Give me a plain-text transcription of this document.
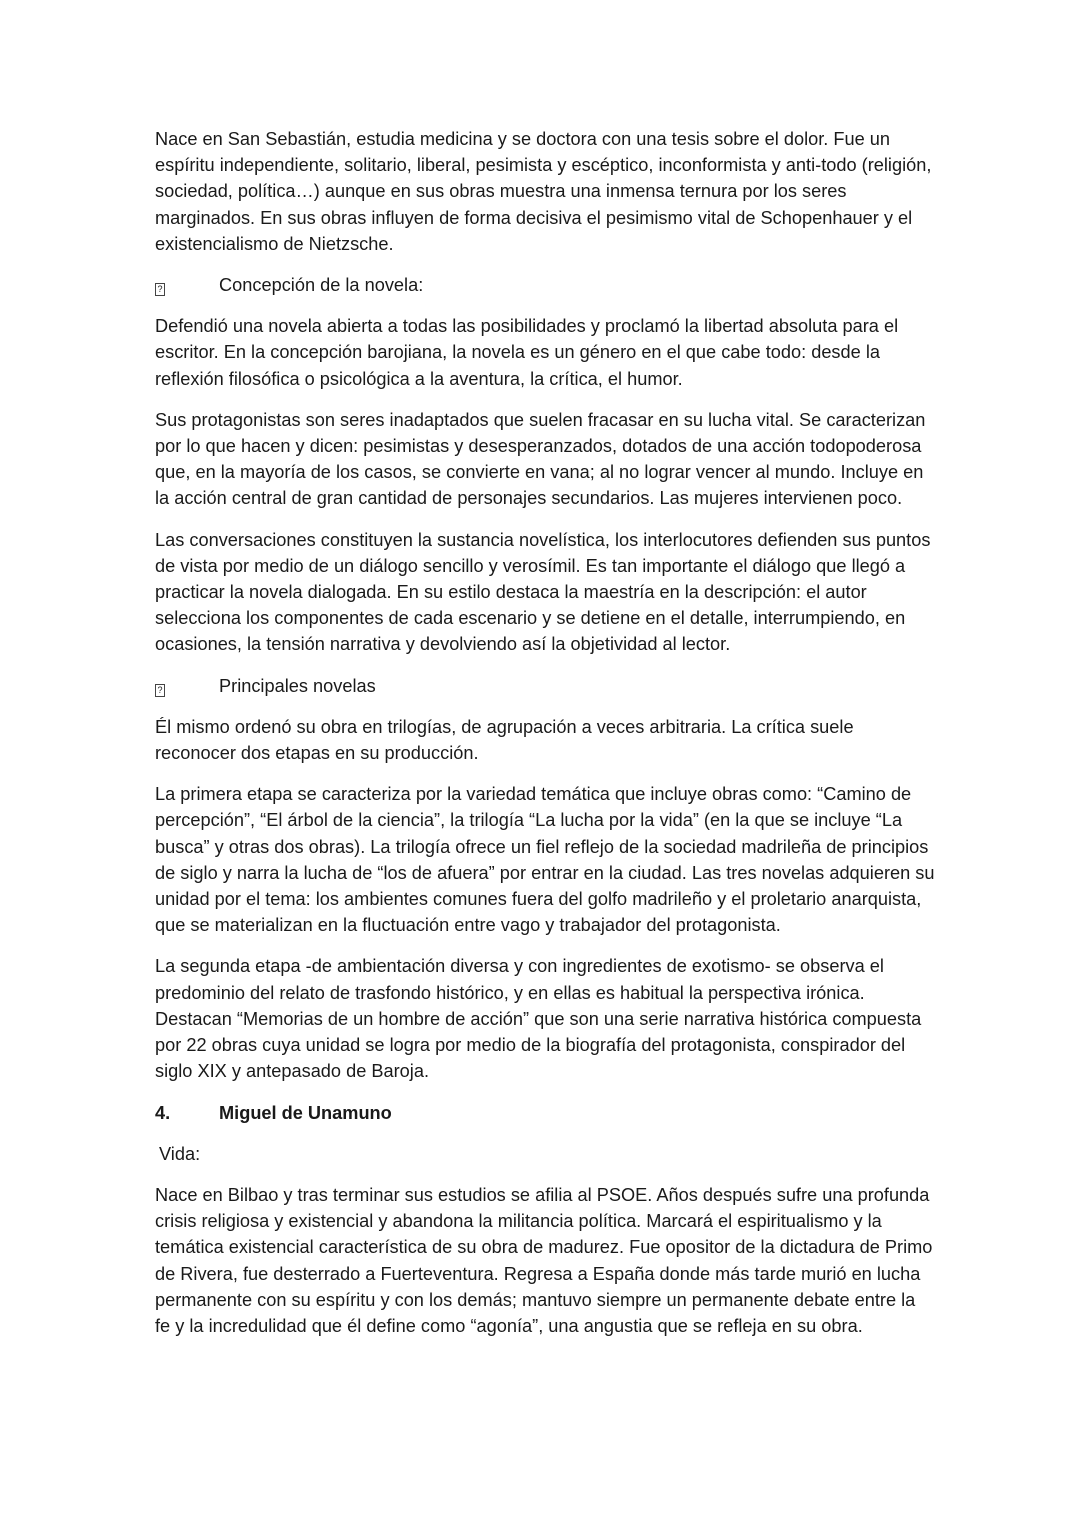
Nace en San Sebastián, estudia medicina y se doctora con una tesis sobre el dolor. Fue un espíritu independiente, solitario, liberal, pesimista y escéptico, inconformista y anti-todo (religión, sociedad, política…) aunque en sus obras muestra una inmensa ternura por los seres marginados. En sus obras influyen de forma decisiva el pesimismo vital de Schopenhauer y el existencialismo de Nietzsche.

?	Concepción de la novela:

Defendió una novela abierta a todas las posibilidades y proclamó la libertad absoluta para el escritor. En la concepción barojiana, la novela es un género en el que cabe todo: desde la reflexión filosófica o psicológica a la aventura, la crítica, el humor.

Sus protagonistas son seres inadaptados que suelen fracasar en su lucha vital. Se caracterizan por lo que hacen y dicen: pesimistas y desesperanzados, dotados de una acción todopoderosa que, en la mayoría de los casos, se convierte en vana; al no lograr vencer al mundo. Incluye en la acción central de gran cantidad de personajes secundarios. Las mujeres intervienen poco.

Las conversaciones constituyen la sustancia novelística, los interlocutores defienden sus puntos de vista por medio de un diálogo sencillo y verosímil. Es tan importante el diálogo que llegó a practicar la novela dialogada. En su estilo destaca la maestría en la descripción: el autor selecciona los componentes de cada escenario y se detiene en el detalle, interrumpiendo, en ocasiones, la tensión narrativa y devolviendo así la objetividad al lector.

?	Principales novelas

Él mismo ordenó su obra en trilogías, de agrupación a veces arbitraria. La crítica suele reconocer dos etapas en su producción.

La primera etapa se caracteriza por la variedad temática que incluye obras como: “Camino de percepción”, “El árbol de la ciencia”, la trilogía “La lucha por la vida” (en la que se incluye “La busca” y otras dos obras). La trilogía ofrece un fiel reflejo de la sociedad madrileña de principios de siglo y narra la lucha de “los de afuera” por entrar en la ciudad. Las tres novelas adquieren su unidad por el tema: los ambientes comunes fuera del golfo madrileño y el proletario anarquista, que se materializan en la fluctuación entre vago y trabajador del protagonista.

La segunda etapa -de ambientación diversa y con ingredientes de exotismo- se observa el predominio del relato de trasfondo histórico, y en ellas es habitual la perspectiva irónica. Destacan “Memorias de un hombre de acción” que son una serie narrativa histórica compuesta por 22 obras cuya unidad se logra por medio de la biografía del protagonista, conspirador del siglo XIX y antepasado de Baroja.

4.	Miguel de Unamuno
Vida:

Nace en Bilbao y tras terminar sus estudios se afilia al PSOE. Años después sufre una profunda crisis religiosa y existencial y abandona la militancia política. Marcará el espiritualismo y la temática existencial característica de su obra de madurez. Fue opositor de la dictadura de Primo de Rivera, fue desterrado a Fuerteventura. Regresa a España donde más tarde murió en lucha permanente con su espíritu y con los demás; mantuvo siempre un permanente debate entre la fe y la incredulidad que él define como “agonía”, una angustia que se refleja en su obra.
